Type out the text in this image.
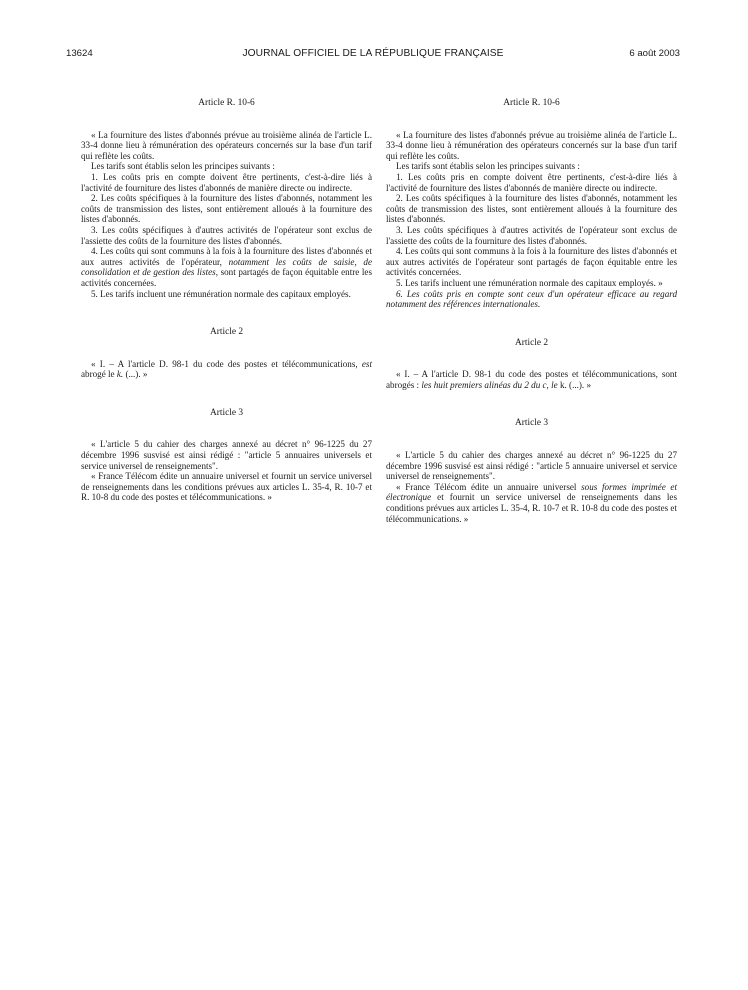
13624	JOURNAL OFFICIEL DE LA RÉPUBLIQUE FRANÇAISE	6 août 2003
Article R. 10-6

« La fourniture des listes d'abonnés prévue au troisième alinéa de l'article L. 33-4 donne lieu à rémunération des opérateurs concernés sur la base d'un tarif qui reflète les coûts.

Les tarifs sont établis selon les principes suivants :

1. Les coûts pris en compte doivent être pertinents, c'est-à-dire liés à l'activité de fourniture des listes d'abonnés de manière directe ou indirecte.

2. Les coûts spécifiques à la fourniture des listes d'abonnés, notamment les coûts de transmission des listes, sont entièrement alloués à la fourniture des listes d'abonnés.

3. Les coûts spécifiques à d'autres activités de l'opérateur sont exclus de l'assiette des coûts de la fourniture des listes d'abonnés.

4. Les coûts qui sont communs à la fois à la fourniture des listes d'abonnés et aux autres activités de l'opérateur, notamment les coûts de saisie, de consolidation et de gestion des listes, sont partagés de façon équitable entre les activités concernées.

5. Les tarifs incluent une rémunération normale des capitaux employés.

Article 2

« I. – A l'article D. 98-1 du code des postes et télécommunications, est abrogé le k. (...). »

Article 3

« L'article 5 du cahier des charges annexé au décret n° 96-1225 du 27 décembre 1996 susvisé est ainsi rédigé : "article 5 annuaires universels et service universel de renseignements".

« France Télécom édite un annuaire universel et fournit un service universel de renseignements dans les conditions prévues aux articles L. 35-4, R. 10-7 et R. 10-8 du code des postes et télécommunications. »

Article R. 10-6

« La fourniture des listes d'abonnés prévue au troisième alinéa de l'article L. 33-4 donne lieu à rémunération des opérateurs concernés sur la base d'un tarif qui reflète les coûts.

Les tarifs sont établis selon les principes suivants :

1. Les coûts pris en compte doivent être pertinents, c'est-à-dire liés à l'activité de fourniture des listes d'abonnés de manière directe ou indirecte.

2. Les coûts spécifiques à la fourniture des listes d'abonnés, notamment les coûts de transmission des listes, sont entièrement alloués à la fourniture des listes d'abonnés.

3. Les coûts spécifiques à d'autres activités de l'opérateur sont exclus de l'assiette des coûts de la fourniture des listes d'abonnés.

4. Les coûts qui sont communs à la fois à la fourniture des listes d'abonnés et aux autres activités de l'opérateur sont partagés de façon équitable entre les activités concernées.

5. Les tarifs incluent une rémunération normale des capitaux employés. »

6. Les coûts pris en compte sont ceux d'un opérateur efficace au regard notamment des références internationales.

Article 2

« I. – A l'article D. 98-1 du code des postes et télécommunications, sont abrogés : les huit premiers alinéas du 2 du c, le k. (...). »

Article 3

« L'article 5 du cahier des charges annexé au décret n° 96-1225 du 27 décembre 1996 susvisé est ainsi rédigé : "article 5 annuaire universel et service universel de renseignements".

« France Télécom édite un annuaire universel sous formes imprimée et électronique et fournit un service universel de renseignements dans les conditions prévues aux articles L. 35-4, R. 10-7 et R. 10-8 du code des postes et télécommunications. »
